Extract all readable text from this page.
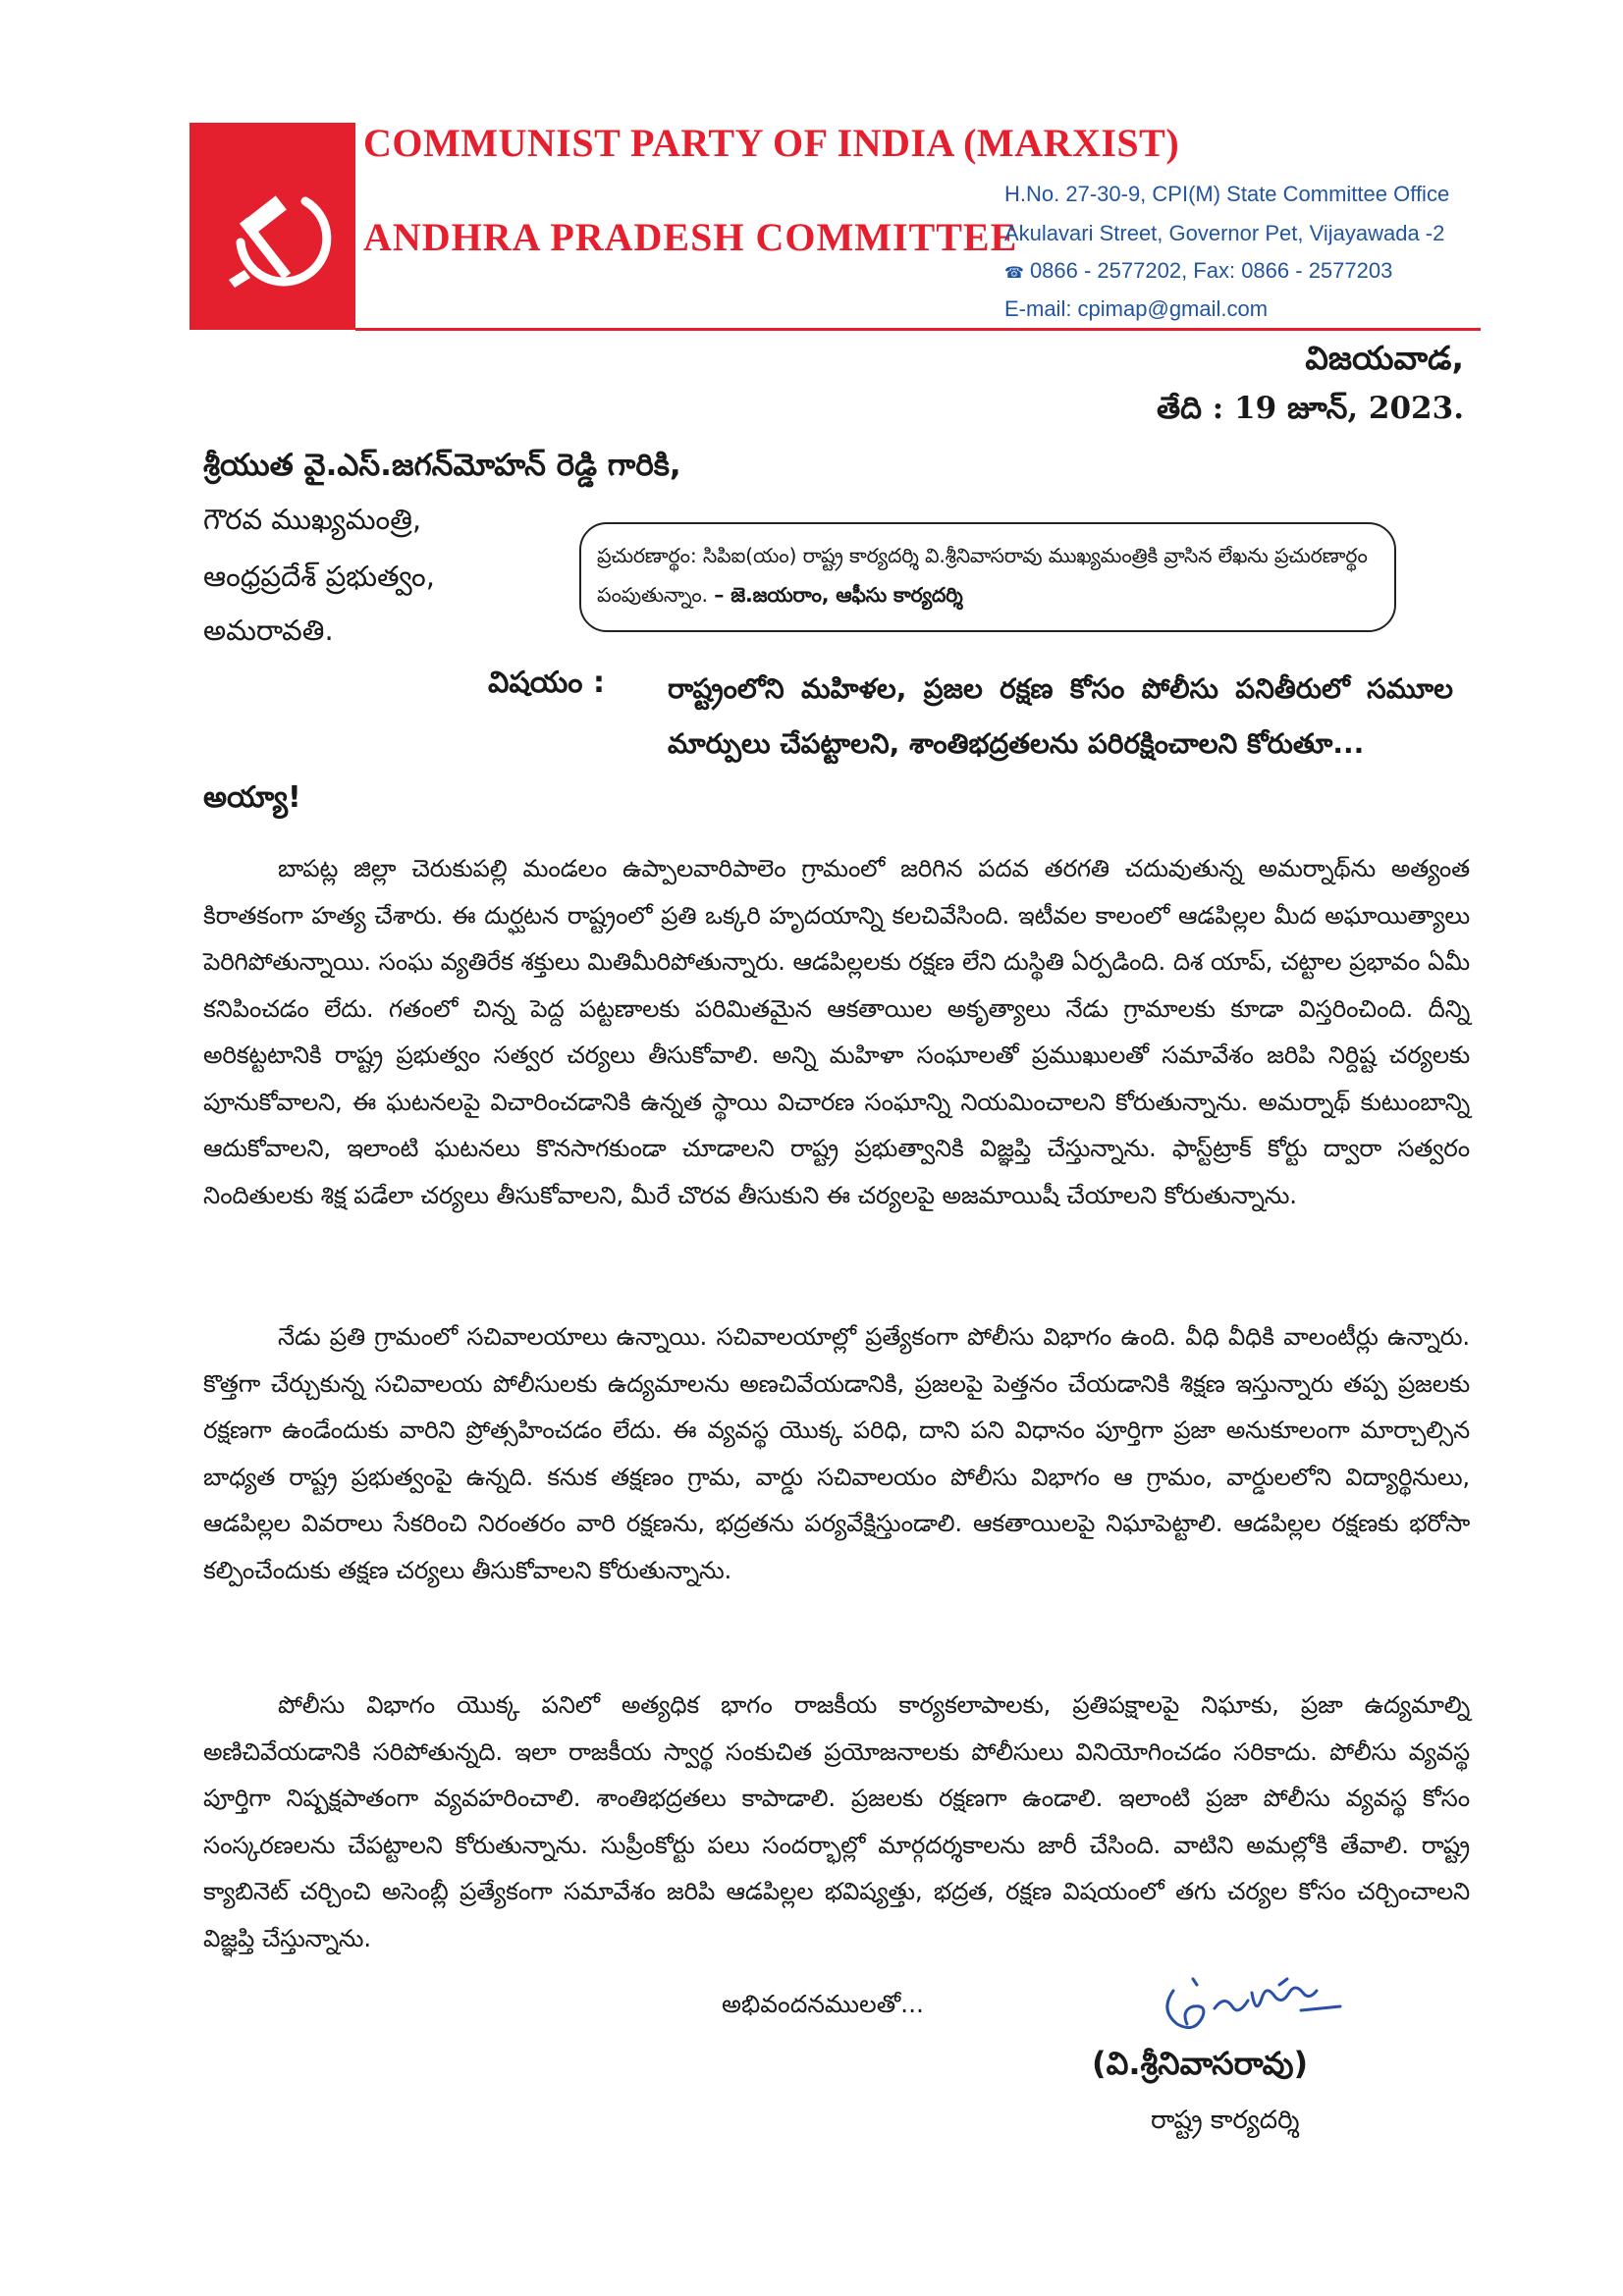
COMMUNIST PARTY OF INDIA (MARXIST)
ANDHRA PRADESH COMMITTEE
H.No. 27-30-9, CPI(M) State Committee Office
Akulavari Street, Governor Pet, Vijayawada -2
☎ 0866 - 2577202, Fax: 0866 - 2577203
E-mail: cpimap@gmail.com
విజయవాడ,
తేది : 19 జూన్, 2023.
శ్రీయుత వై.ఎస్.జగన్‌మోహన్ రెడ్డి గారికి,
గౌరవ ముఖ్యమంత్రి,
ఆంధ్రప్రదేశ్ ప్రభుత్వం,
అమరావతి.
ప్రచురణార్థం: సిపిఐ(యం) రాష్ట్ర కార్యదర్శి వి.శ్రీనివాసరావు ముఖ్యమంత్రికి వ్రాసిన లేఖను ప్రచురణార్థం పంపుతున్నాం. – జె.జయరాం, ఆఫీసు కార్యదర్శి
విషయం : రాష్ట్రంలోని మహిళల, ప్రజల రక్షణ కోసం పోలీసు పనితీరులో సమూల మార్పులు చేపట్టాలని, శాంతిభద్రతలను పరిరక్షించాలని కోరుతూ...
అయ్యా!

బాపట్ల జిల్లా చెరుకుపల్లి మండలం ఉప్పాలవారిపాలెం గ్రామంలో జరిగిన పదవ తరగతి చదువుతున్న అమర్నాథ్‌ను అత్యంత కిరాతకంగా హత్య చేశారు. ఈ దుర్ఘటన రాష్ట్రంలో ప్రతి ఒక్కరి హృదయాన్ని కలచివేసింది. ఇటీవల కాలంలో ఆడపిల్లల మీద అఘాయిత్యాలు పెరిగిపోతున్నాయి. సంఘ వ్యతిరేక శక్తులు మితిమీరిపోతున్నారు. ఆడపిల్లలకు రక్షణ లేని దుస్థితి ఏర్పడింది. దిశ యాప్, చట్టాల ప్రభావం ఏమీ కనిపించడం లేదు. గతంలో చిన్న పెద్ద పట్టణాలకు పరిమితమైన ఆకతాయిల అకృత్యాలు నేడు గ్రామాలకు కూడా విస్తరించింది. దీన్ని అరికట్టటానికి రాష్ట్ర ప్రభుత్వం సత్వర చర్యలు తీసుకోవాలి. అన్ని మహిళా సంఘాలతో ప్రముఖులతో సమావేశం జరిపి నిర్దిష్ట చర్యలకు పూనుకోవాలని, ఈ ఘటనలపై విచారించడానికి ఉన్నత స్థాయి విచారణ సంఘాన్ని నియమించాలని కోరుతున్నాను. అమర్నాథ్ కుటుంబాన్ని ఆదుకోవాలని, ఇలాంటి ఘటనలు కొనసాగకుండా చూడాలని రాష్ట్ర ప్రభుత్వానికి విజ్ఞప్తి చేస్తున్నాను. ఫాస్ట్‌ట్రాక్ కోర్టు ద్వారా సత్వరం నిందితులకు శిక్ష పడేలా చర్యలు తీసుకోవాలని, మీరే చొరవ తీసుకుని ఈ చర్యలపై అజమాయిషీ చేయాలని కోరుతున్నాను.

నేడు ప్రతి గ్రామంలో సచివాలయాలు ఉన్నాయి. సచివాలయాల్లో ప్రత్యేకంగా పోలీసు విభాగం ఉంది. వీధి వీధికి వాలంటీర్లు ఉన్నారు. కొత్తగా చేర్చుకున్న సచివాలయ పోలీసులకు ఉద్యమాలను అణచివేయడానికి, ప్రజలపై పెత్తనం చేయడానికి శిక్షణ ఇస్తున్నారు తప్ప ప్రజలకు రక్షణగా ఉండేందుకు వారిని ప్రోత్సహించడం లేదు. ఈ వ్యవస్థ యొక్క పరిధి, దాని పని విధానం పూర్తిగా ప్రజా అనుకూలంగా మార్చాల్సిన బాధ్యత రాష్ట్ర ప్రభుత్వంపై ఉన్నది. కనుక తక్షణం గ్రామ, వార్డు సచివాలయం పోలీసు విభాగం ఆ గ్రామం, వార్డులలోని విద్యార్థినులు, ఆడపిల్లల వివరాలు సేకరించి నిరంతరం వారి రక్షణను, భద్రతను పర్యవేక్షిస్తుండాలి. ఆకతాయిలపై నిఘాపెట్టాలి. ఆడపిల్లల రక్షణకు భరోసా కల్పించేందుకు తక్షణ చర్యలు తీసుకోవాలని కోరుతున్నాను.

పోలీసు విభాగం యొక్క పనిలో అత్యధిక భాగం రాజకీయ కార్యకలాపాలకు, ప్రతిపక్షాలపై నిఘాకు, ప్రజా ఉద్యమాల్ని అణిచివేయడానికి సరిపోతున్నది. ఇలా రాజకీయ స్వార్థ సంకుచిత ప్రయోజనాలకు పోలీసులు వినియోగించడం సరికాదు. పోలీసు వ్యవస్థ పూర్తిగా నిష్పక్షపాతంగా వ్యవహరించాలి. శాంతిభద్రతలు కాపాడాలి. ప్రజలకు రక్షణగా ఉండాలి. ఇలాంటి ప్రజా పోలీసు వ్యవస్థ కోసం సంస్కరణలను చేపట్టాలని కోరుతున్నాను. సుప్రీంకోర్టు పలు సందర్భాల్లో మార్గదర్శకాలను జారీ చేసింది. వాటిని అమల్లోకి తేవాలి. రాష్ట్ర క్యాబినెట్ చర్చించి అసెంబ్లీ ప్రత్యేకంగా సమావేశం జరిపి ఆడపిల్లల భవిష్యత్తు, భద్రత, రక్షణ విషయంలో తగు చర్యల కోసం చర్చించాలని విజ్ఞప్తి చేస్తున్నాను.

అభివందనములతో...
(వి.శ్రీనివాసరావు)
రాష్ట్ర కార్యదర్శి
